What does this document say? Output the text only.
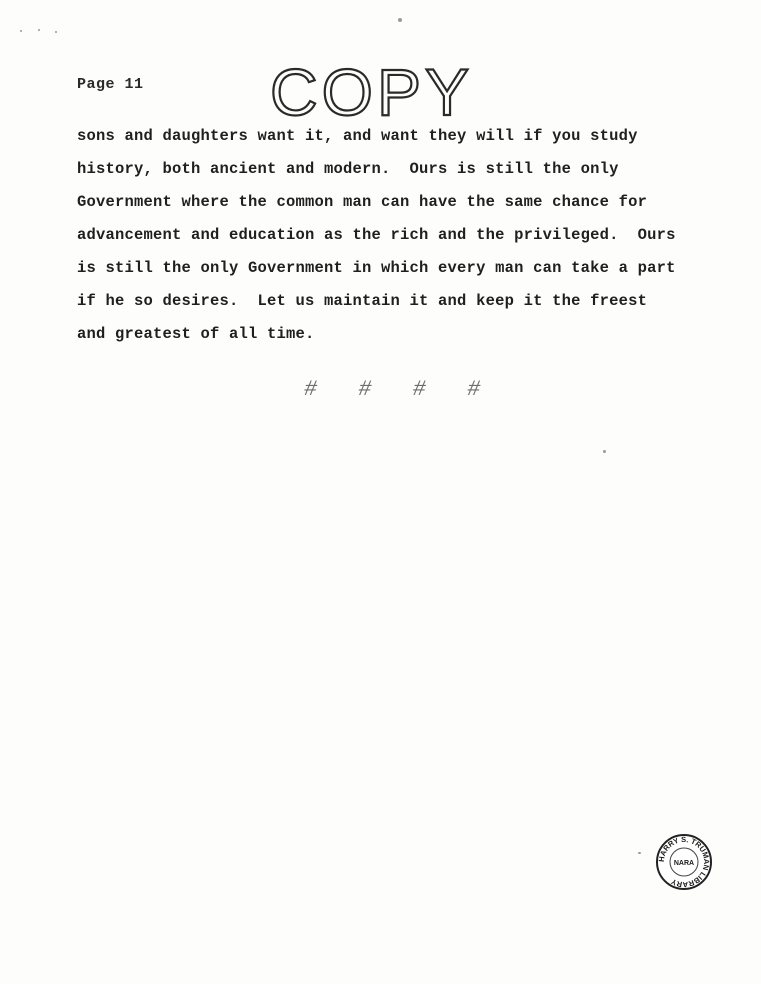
Page 11 COPY
sons and daughters want it, and want they will if you study
history, both ancient and modern.  Ours is still the only
Government where the common man can have the same chance for
advancement and education as the rich and the privileged.  Ours
is still the only Government in which every man can take a part
if he so desires.  Let us maintain it and keep it the freest
and greatest of all time.
# # # #
HARRY S. TRUMAN LIBRARY
NARA
